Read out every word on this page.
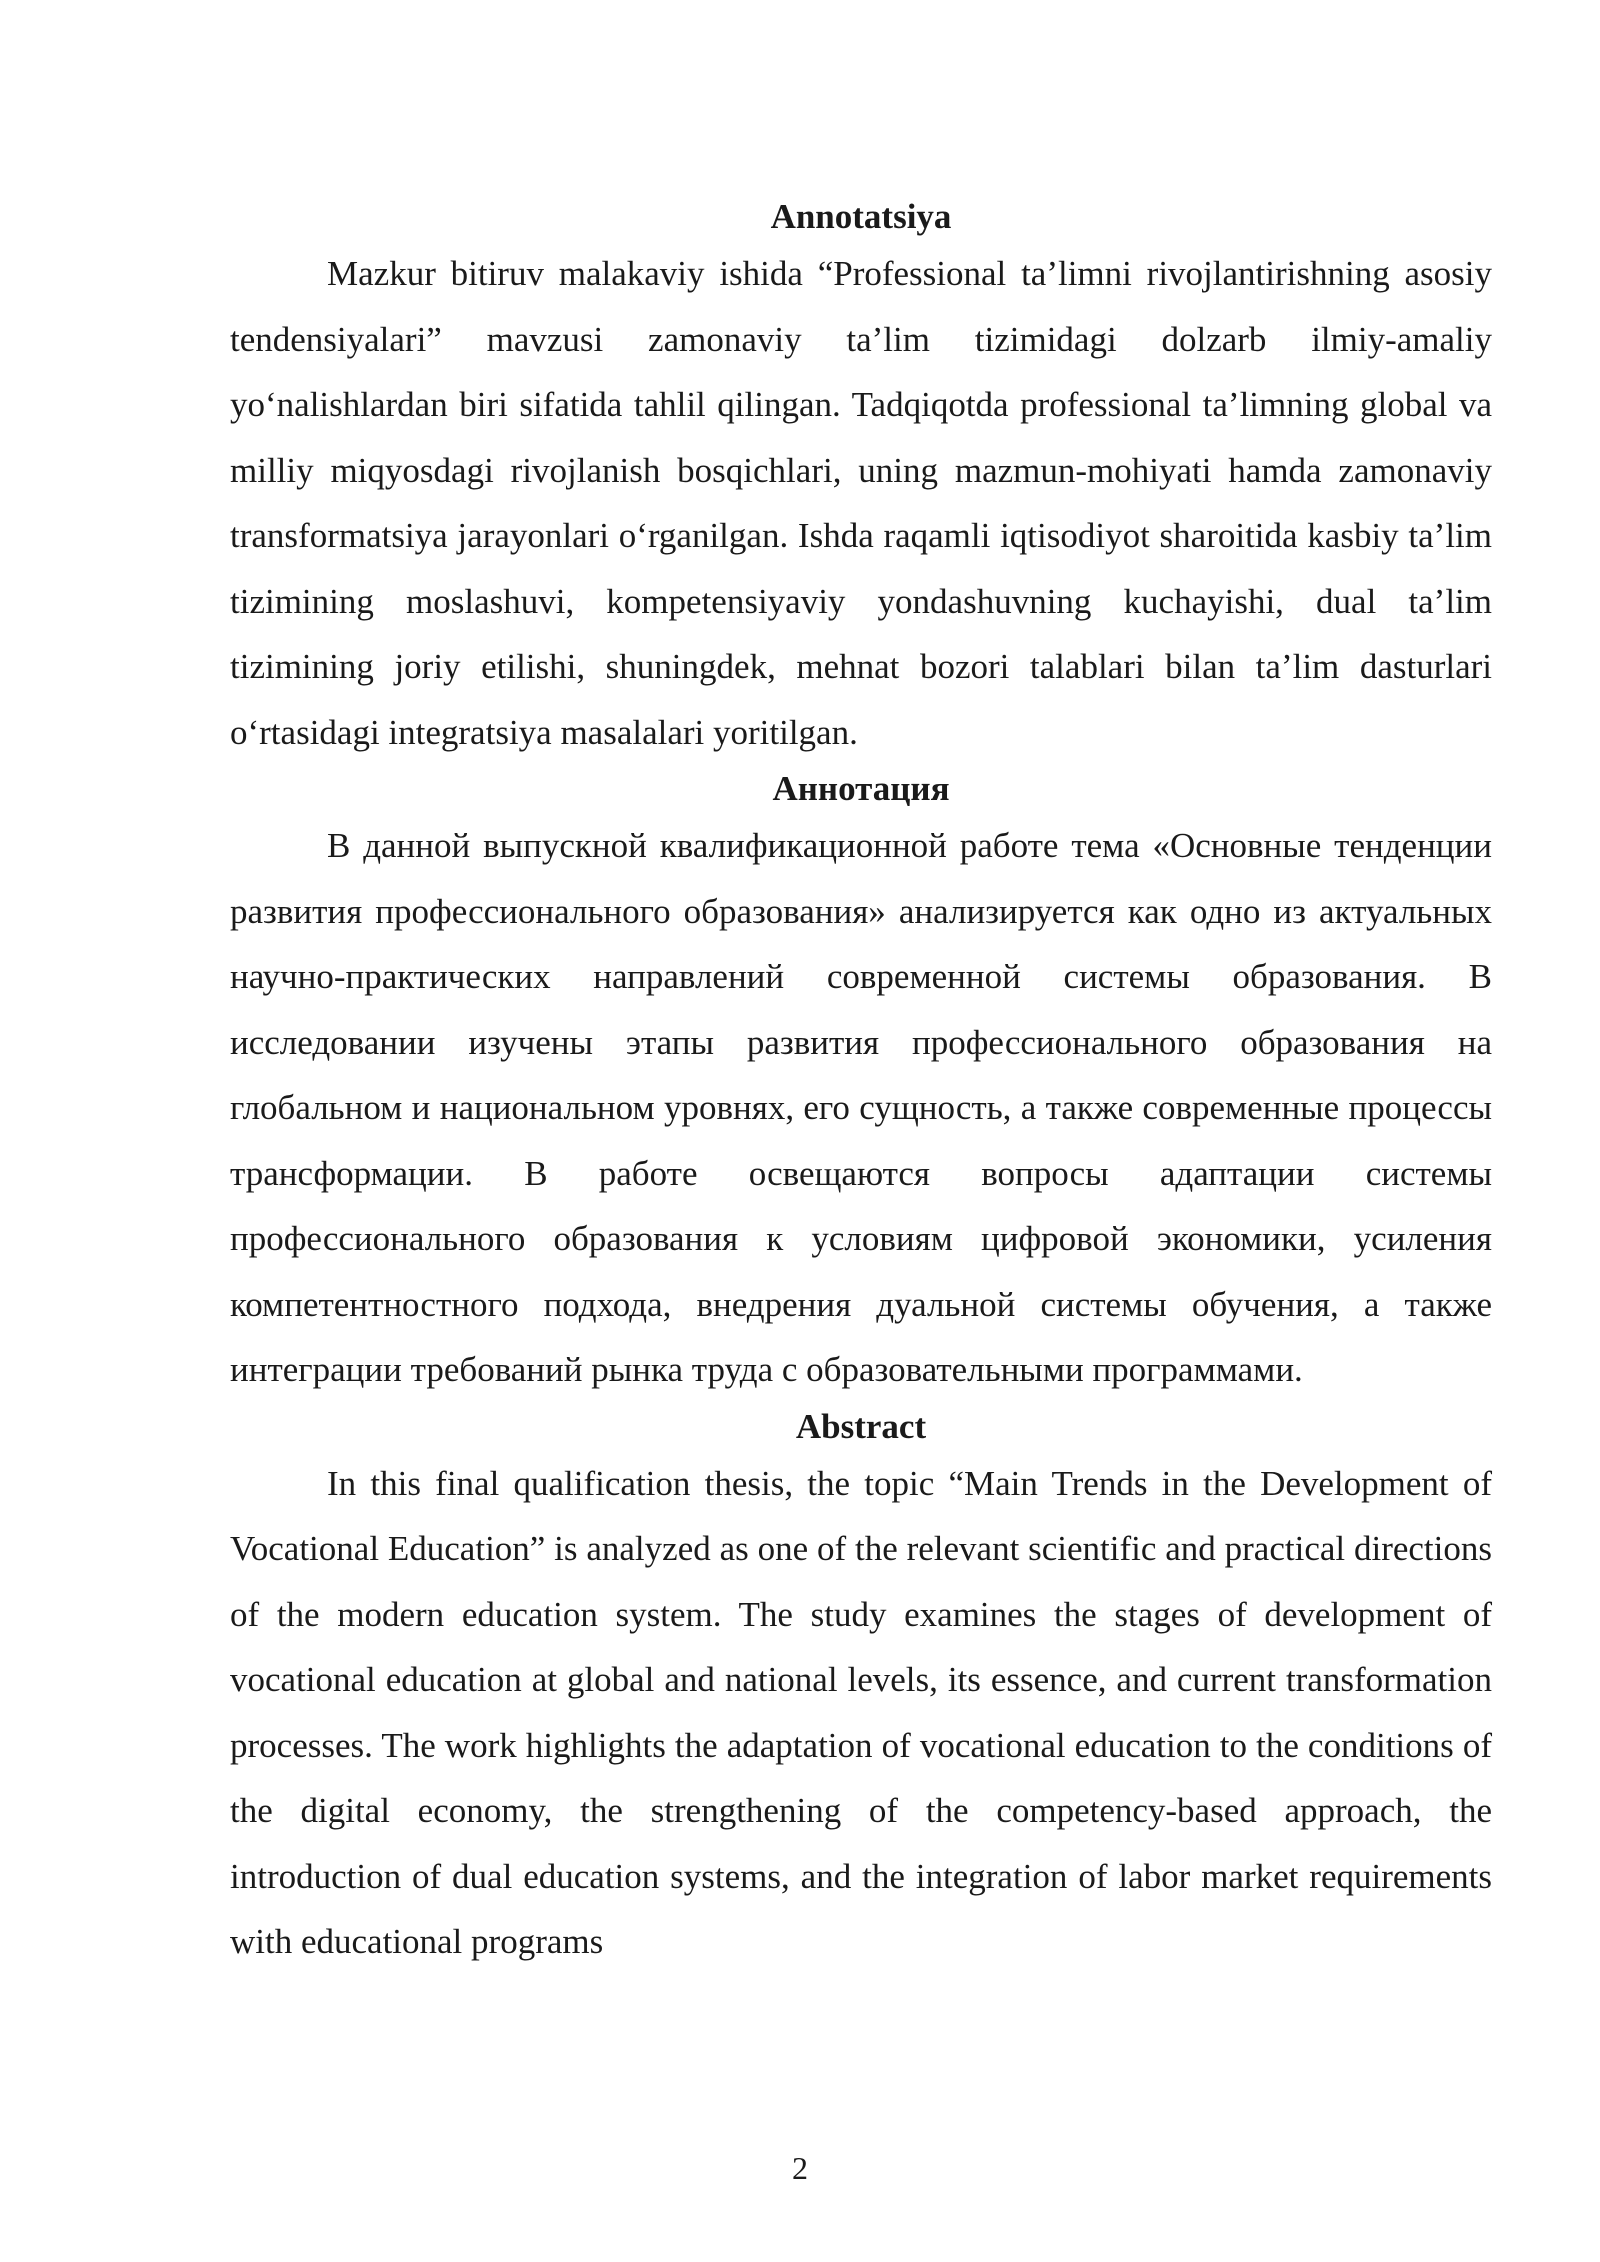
Annotatsiya

Mazkur bitiruv malakaviy ishida “Professional ta’limni rivojlantirishning asosiy tendensiyalari” mavzusi zamonaviy ta’lim tizimidagi dolzarb ilmiy-amaliy yo‘nalishlardan biri sifatida tahlil qilingan. Tadqiqotda professional ta’limning global va milliy miqyosdagi rivojlanish bosqichlari, uning mazmun-mohiyati hamda zamonaviy transformatsiya jarayonlari o‘rganilgan. Ishda raqamli iqtisodiyot sharoitida kasbiy ta’lim tizimining moslashuvi, kompetensiyaviy yondashuvning kuchayishi, dual ta’lim tizimining joriy etilishi, shuningdek, mehnat bozori talablari bilan ta’lim dasturlari o‘rtasidagi integratsiya masalalari yoritilgan.

Аннотация

В данной выпускной квалификационной работе тема «Основные тенденции развития профессионального образования» анализируется как одно из актуальных научно-практических направлений современной системы образования. В исследовании изучены этапы развития профессионального образования на глобальном и национальном уровнях, его сущность, а также современные процессы трансформации. В работе освещаются вопросы адаптации системы профессионального образования к условиям цифровой экономики, усиления компетентностного подхода, внедрения дуальной системы обучения, а также интеграции требований рынка труда с образовательными программами.

Abstract

In this final qualification thesis, the topic “Main Trends in the Development of Vocational Education” is analyzed as one of the relevant scientific and practical directions of the modern education system. The study examines the stages of development of vocational education at global and national levels, its essence, and current transformation processes. The work highlights the adaptation of vocational education to the conditions of the digital economy, the strengthening of the competency-based approach, the introduction of dual education systems, and the integration of labor market requirements with educational programs

2
